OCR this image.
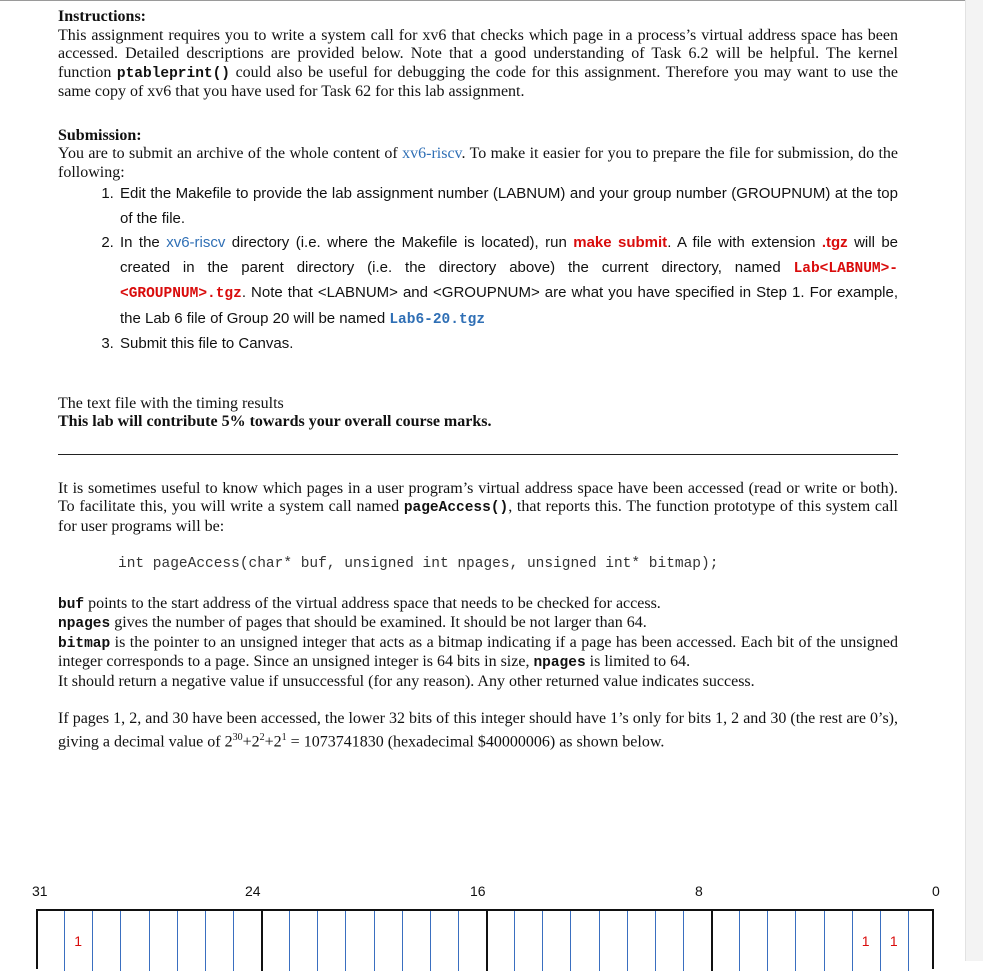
Instructions:
This assignment requires you to write a system call for xv6 that checks which page in a process’s virtual address space has been accessed. Detailed descriptions are provided below. Note that a good understanding of Task 6.2 will be helpful. The kernel function ptableprint() could also be useful for debugging the code for this assignment. Therefore you may want to use the same copy of xv6 that you have used for Task 62 for this lab assignment.
Submission:
You are to submit an archive of the whole content of xv6-riscv. To make it easier for you to prepare the file for submission, do the following:
1. Edit the Makefile to provide the lab assignment number (LABNUM) and your group number (GROUPNUM) at the top of the file.
2. In the xv6-riscv directory (i.e. where the Makefile is located), run make submit. A file with extension .tgz will be created in the parent directory (i.e. the directory above) the current directory, named Lab<LABNUM>-<GROUPNUM>.tgz. Note that <LABNUM> and <GROUPNUM> are what you have specified in Step 1. For example, the Lab 6 file of Group 20 will be named Lab6-20.tgz
3. Submit this file to Canvas.
The text file with the timing results
This lab will contribute 5% towards your overall course marks.
It is sometimes useful to know which pages in a user program’s virtual address space have been accessed (read or write or both). To facilitate this, you will write a system call named pageAccess(), that reports this. The function prototype of this system call for user programs will be:
int pageAccess(char* buf, unsigned int npages, unsigned int* bitmap);
buf points to the start address of the virtual address space that needs to be checked for access.
npages gives the number of pages that should be examined. It should be not larger than 64.
bitmap is the pointer to an unsigned integer that acts as a bitmap indicating if a page has been accessed. Each bit of the unsigned integer corresponds to a page. Since an unsigned integer is 64 bits in size, npages is limited to 64.
It should return a negative value if unsuccessful (for any reason). Any other returned value indicates success.
If pages 1, 2, and 30 have been accessed, the lower 32 bits of this integer should have 1’s only for bits 1, 2 and 30 (the rest are 0’s), giving a decimal value of $2^{30}+2^2+2^1 = 1073741830$ (hexadecimal $40000006) as shown below.
31	24	16	8	0
1	1 1
